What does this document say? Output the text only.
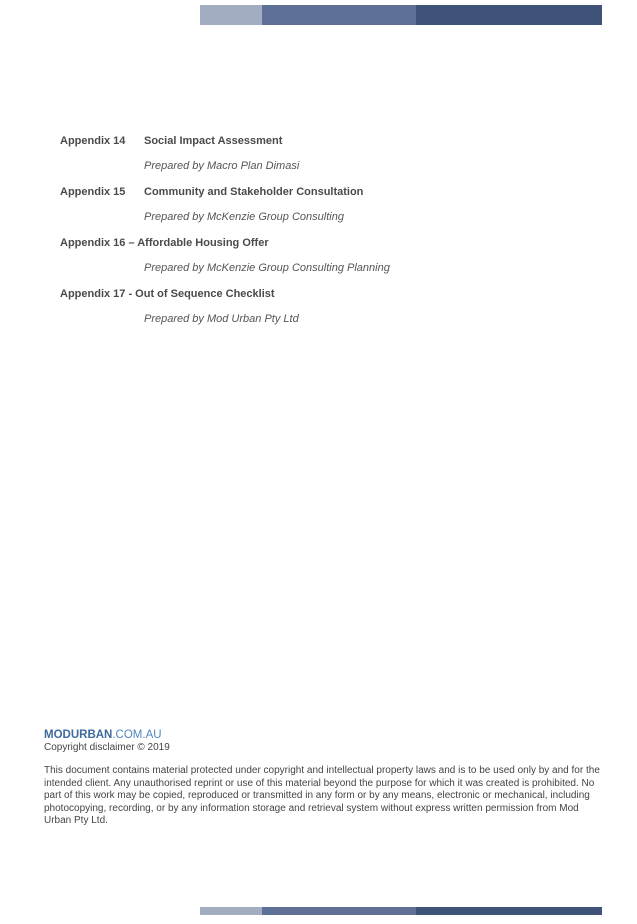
Appendix 14	Social Impact Assessment
Prepared by Macro Plan Dimasi
Appendix 15	Community and Stakeholder Consultation
Prepared by McKenzie Group Consulting
Appendix 16 – Affordable Housing Offer
Prepared by McKenzie Group Consulting Planning
Appendix 17 - Out of Sequence Checklist
Prepared by Mod Urban Pty Ltd
MODURBAN.COM.AU
Copyright disclaimer © 2019
This document contains material protected under copyright and intellectual property laws and is to be used only by and for the intended client. Any unauthorised reprint or use of this material beyond the purpose for which it was created is prohibited. No part of this work may be copied, reproduced or transmitted in any form or by any means, electronic or mechanical, including photocopying, recording, or by any information storage and retrieval system without express written permission from Mod Urban Pty Ltd.
